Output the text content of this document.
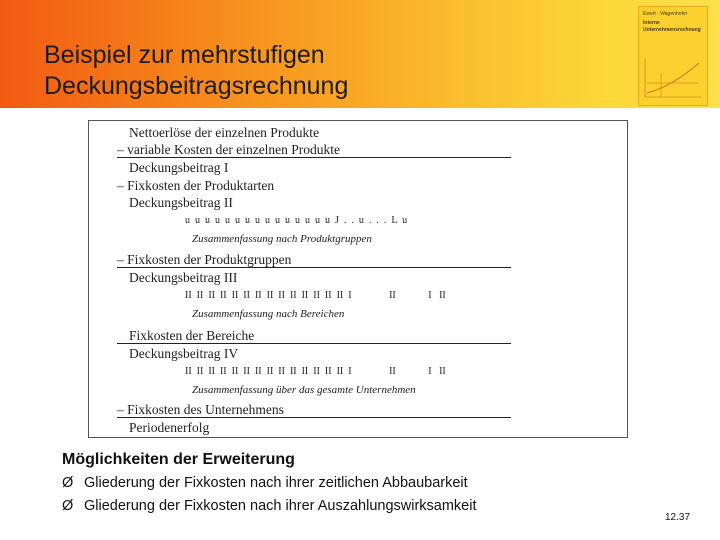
Beispiel zur mehrstufigen
Deckungsbeitragsrechnung
Ewert · Wagenhofer
Interne
Unternehmensrechnung
Nettoerlöse der einzelnen Produkte
– variable Kosten der einzelnen Produkte
Deckungsbeitrag I
– Fixkosten der Produktarten
Deckungsbeitrag II
u  u  u  u  u  u  u  u  u  u  u  u  u  u  u  J  .  .  u  .  .  .  L  u
Zusammenfassung nach Produktgruppen
– Fixkosten der Produktgruppen
Deckungsbeitrag III
II  II  II  II  II  II  II  II  II  II  II  II  II  II  I               II             I   II
Zusammenfassung nach Bereichen
Fixkosten der Bereiche
Deckungsbeitrag IV
II  II  II  II  II  II  II  II  II  II  II  II  II  II  I               II             I   II
Zusammenfassung über das gesamte Unternehmen
– Fixkosten des Unternehmens
Periodenerfolg
Möglichkeiten der Erweiterung
Ø Gliederung der Fixkosten nach ihrer zeitlichen Abbaubarkeit
Ø Gliederung der Fixkosten nach ihrer Auszahlungswirksamkeit
12.37
